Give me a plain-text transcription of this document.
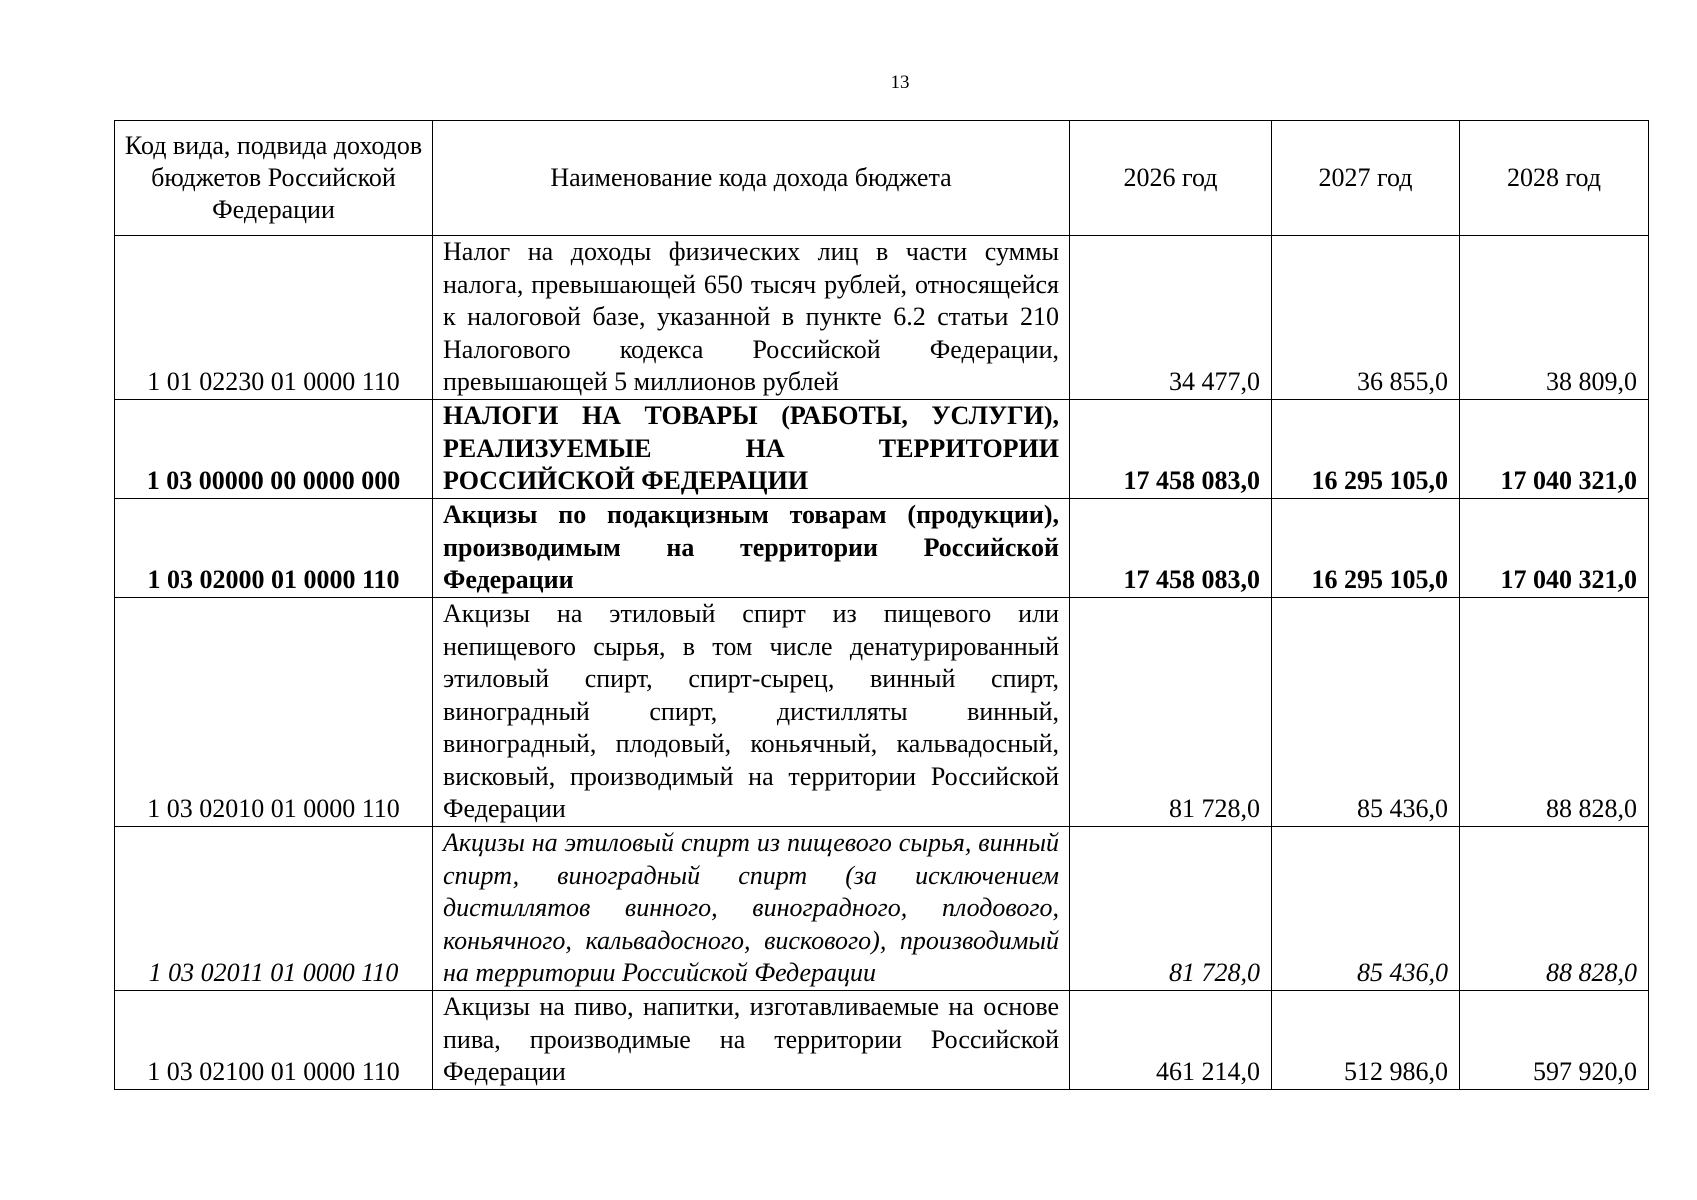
13
Код вида, подвида доходов бюджетов Российской Федерации	Наименование кода дохода бюджета	2026 год	2027 год	2028 год
1 01 02230 01 0000 110	Налог на доходы физических лиц в части суммы налога, превышающей 650 тысяч рублей, относящейся к налоговой базе, указанной в пункте 6.2 статьи 210 Налогового кодекса Российской Федерации, превышающей 5 миллионов рублей	34 477,0	36 855,0	38 809,0
1 03 00000 00 0000 000	НАЛОГИ НА ТОВАРЫ (РАБОТЫ, УСЛУГИ), РЕАЛИЗУЕМЫЕ НА ТЕРРИТОРИИ РОССИЙСКОЙ ФЕДЕРАЦИИ	17 458 083,0	16 295 105,0	17 040 321,0
1 03 02000 01 0000 110	Акцизы по подакцизным товарам (продукции), производимым на территории Российской Федерации	17 458 083,0	16 295 105,0	17 040 321,0
1 03 02010 01 0000 110	Акцизы на этиловый спирт из пищевого или непищевого сырья, в том числе денатурированный этиловый спирт, спирт-сырец, винный спирт, виноградный спирт, дистилляты винный, виноградный, плодовый, коньячный, кальвадосный, висковый, производимый на территории Российской Федерации	81 728,0	85 436,0	88 828,0
1 03 02011 01 0000 110	Акцизы на этиловый спирт из пищевого сырья, винный спирт, виноградный спирт (за исключением дистиллятов винного, виноградного, плодового, коньячного, кальвадосного, вискового), производимый на территории Российской Федерации	81 728,0	85 436,0	88 828,0
1 03 02100 01 0000 110	Акцизы на пиво, напитки, изготавливаемые на основе пива, производимые на территории Российской Федерации	461 214,0	512 986,0	597 920,0
